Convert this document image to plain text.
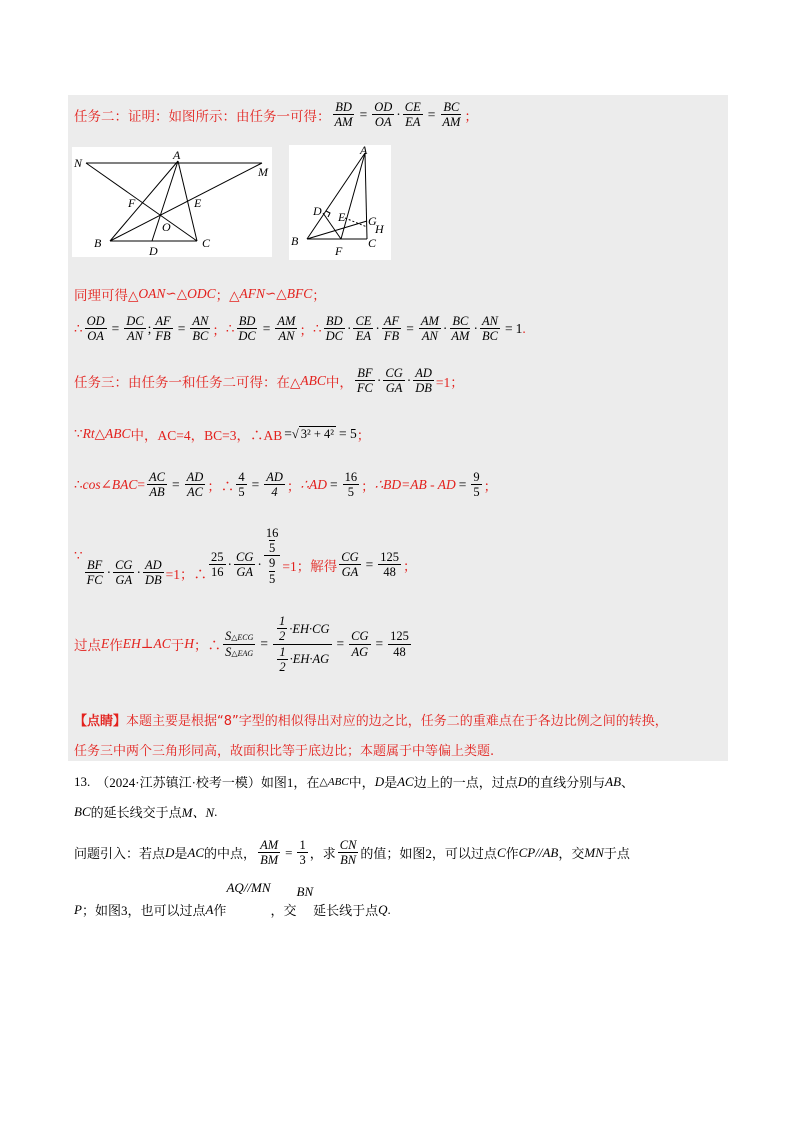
任务二：证明：如图所示：由任务一可得： $\frac{BD}{AM} = \frac{OD}{OA} \cdot \frac{CE}{EA} = \frac{BC}{AM}$ ；
N
A
M
F	E
O
B
D
C
A
D E G
H
B
F
C
同理可得△ OAN ∽△ ODC ；△ AFN ∽△ BFC ；
∴ $\frac{OD}{OA} = \frac{DC}{AN}$ ; $\frac{AF}{FB} = \frac{AN}{BC}$ ； ∴ $\frac{BD}{DC} = \frac{AM}{AN}$ ； ∴ $\frac{BD}{DC} \cdot \frac{CE}{EA} \cdot \frac{AF}{FB} = \frac{AM}{AN} \cdot \frac{BC}{AM} \cdot \frac{AN}{BC} = 1$ .
任务三：由任务一和任务二可得：在△ ABC 中， $\frac{BF}{FC} \cdot \frac{CG}{GA} \cdot \frac{AD}{DB} =1$；
∵ Rt△ABC 中， AC=4，BC=3，∴AB = √ 3² + 4² = 5 ；
∴ cos∠BAC = $\frac{AC}{AB} = \frac{AD}{AC}$ ；∴ $\frac{4}{5} = \frac{AD}{4}$ ； ∴AD = $\frac{16}{5}$ ； ∴BD=AB - AD = $\frac{9}{5}$ ；
∵
$\frac{BF}{FC} \cdot \frac{CG}{GA} \cdot \frac{AD}{DB} =1$；∴ $\frac{25}{16} \cdot \frac{CG}{GA} \cdot 16$
5
9
5 =1；解得 $\frac{CG}{GA} = \frac{125}{48}$ ；
过点 E 作 EH⊥AC 于 H ；∴ $\frac{\text{S△ECG}}{\text{S△EAG}} = \frac{\frac{1}{2} \cdot EH\cdot CG}{\frac{1}{2} \cdot EH\cdot AG} = \frac{CG}{AG} = \frac{125}{48}$
【点睛】 本题主要是根据“8”字型的相似得出对应的边之比，任务二的重难点在于各边比例之间的转换，
任务三中两个三角形同高，故面积比等于底边比；本题属于中等偏上类题.
13. （2024·江苏镇江·校考一模）如图1，在 △ABC 中， D 是 AC 边上的一点，过点 D 的直线分别与 AB 、
BC 的延长线交于点 M、N .
问题引入：若点 D 是 AC 的中点， $\frac{AM}{BM} = \frac{1}{3}$ ，求 $\frac{CN}{BN}$ 的值；如图2，可以过点 C 作 CP//AB ，交 MN 于点
P ；如图3，也可以过点 A 作
AQ//MN
，交
BN
延长线于点 Q .
